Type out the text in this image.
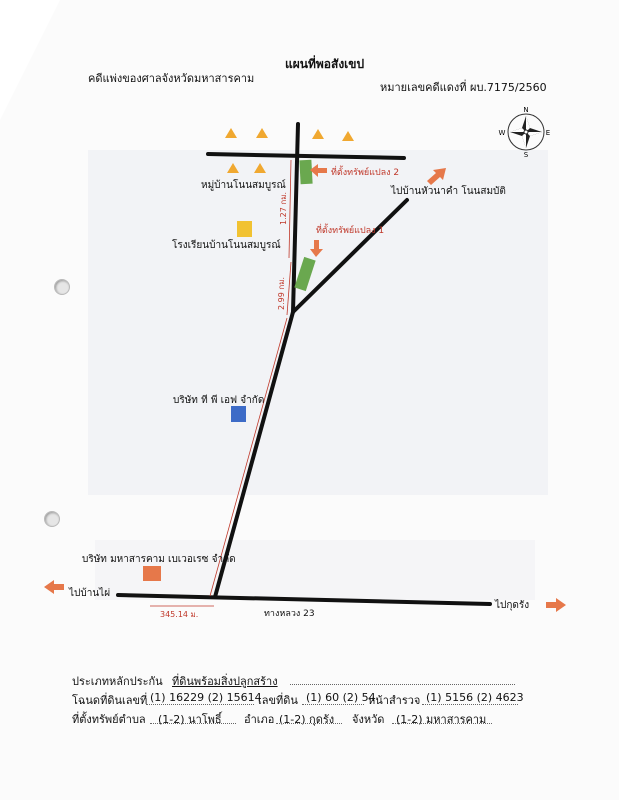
แผนที่พอสังเขป
คดีแพ่งของศาลจังหวัดมหาสารคาม
หมายเลขคดีแดงที่ ผบ.7175/2560
N
S
E
W
หมู่บ้านโนนสมบูรณ์
โรงเรียนบ้านโนนสมบูรณ์
ที่ตั้งทรัพย์แปลง 2
ที่ตั้งทรัพย์แปลง 1
ไปบ้านหัวนาคำ โนนสมบัติ
บริษัท ที พี เอฟ จำกัด
บริษัท มหาสารคาม เบเวอเรซ จำกัด
ไปบ้านไผ่
ไปกุดรัง
ทางหลวง 23
1.27 กม.
2.99 กม.
345.14 ม.
ประเภทหลักประกัน ที่ดินพร้อมสิ่งปลูกสร้าง
โฉนดที่ดินเลขที่ (1) 16229 (2) 15614
เลขที่ดิน (1) 60 (2) 54
หน้าสำรวจ (1) 5156 (2) 4623
ที่ตั้งทรัพย์ตำบล (1-2) นาโพธิ์ อำเภอ (1-2) กุดรัง จังหวัด (1-2) มหาสารคาม
